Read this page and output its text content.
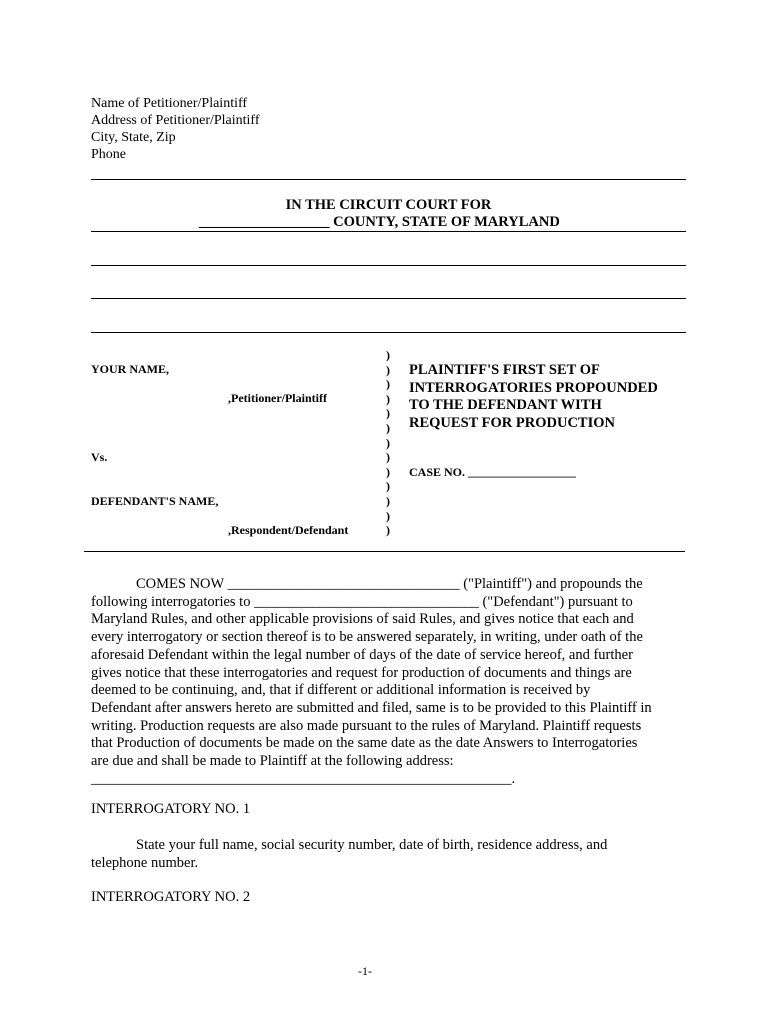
Name of Petitioner/Plaintiff
Address of Petitioner/Plaintiff
City, State, Zip
Phone
IN THE CIRCUIT COURT FOR
__________________ COUNTY, STATE OF MARYLAND
YOUR NAME,
,Petitioner/Plaintiff
Vs.
DEFENDANT'S NAME,
,Respondent/Defendant
)
)
)
)
)
)
)
)
)
)
)
)
)
PLAINTIFF'S FIRST SET OF
INTERROGATORIES PROPOUNDED
TO THE DEFENDANT WITH
REQUEST FOR PRODUCTION
CASE NO. __________________

COMES NOW ________________________________ ("Plaintiff") and propounds the

following interrogatories to _______________________________ ("Defendant") pursuant to

Maryland Rules, and other applicable provisions of said Rules, and gives notice that each and

every interrogatory or section thereof is to be answered separately, in writing, under oath of the

aforesaid Defendant within the legal number of days of the date of service hereof, and further

gives notice that these interrogatories and request for production of documents and things are

deemed to be continuing, and, that if different or additional information is received by

Defendant after answers hereto are submitted and filed, same is to be provided to this Plaintiff in

writing. Production requests are also made pursuant to the rules of Maryland. Plaintiff requests

that Production of documents be made on the same date as the date Answers to Interrogatories

are due and shall be made to Plaintiff at the following address:

__________________________________________________________.

INTERROGATORY NO. 1

State your full name, social security number, date of birth, residence address, and

telephone number.

INTERROGATORY NO. 2
-1-
